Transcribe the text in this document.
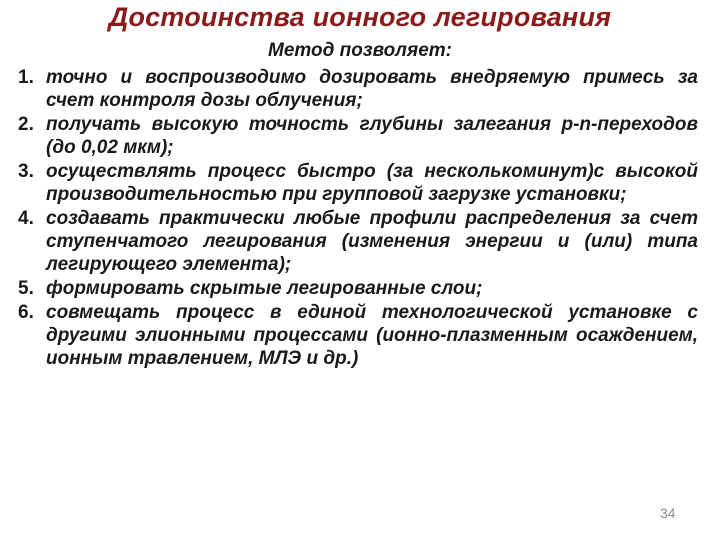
Достоинства ионного легирования
Метод позволяет:
1. точно и воспроизводимо дозировать внедряемую примесь за счет контроля дозы облучения;
2. получать высокую точность глубины залегания p-n-переходов (до 0,02 мкм);
3. осуществлять процесс быстро (за несколькоминут)с высокой производительностью при групповой загрузке установки;
4. создавать практически любые профили распределения за счет ступенчатого легирования (изменения энергии и (или) типа легирующего элемента);
5. формировать скрытые легированные слои;
6. совмещать процесс в единой технологической установке с другими элионными процессами (ионно-плазменным осаждением, ионным травлением, МЛЭ и др.)
34
